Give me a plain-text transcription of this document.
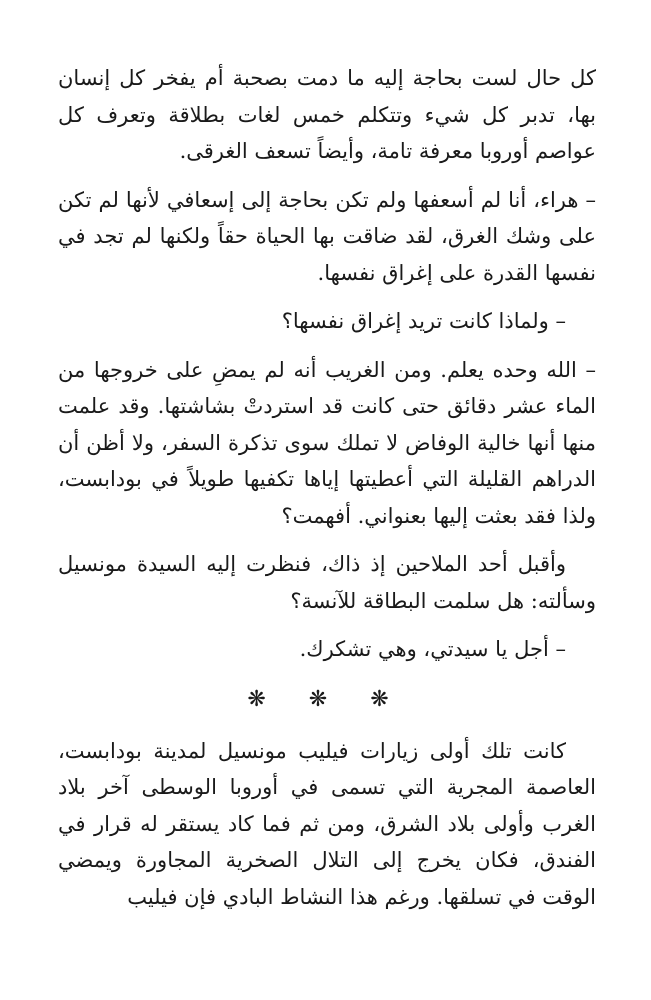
كل حال لست بحاجة إليه ما دمت بصحبة أم يفخر كل إنسان بها، تدبر كل شيء وتتكلم خمس لغات بطلاقة وتعرف كل عواصم أوروبا معرفة تامة، وأيضاً تسعف الغرقى.

– هراء، أنا لم أسعفها ولم تكن بحاجة إلى إسعافي لأنها لم تكن على وشك الغرق، لقد ضاقت بها الحياة حقاً ولكنها لم تجد في نفسها القدرة على إغراق نفسها.

– ولماذا كانت تريد إغراق نفسها؟

– الله وحده يعلم. ومن الغريب أنه لم يمضِ على خروجها من الماء عشر دقائق حتى كانت قد استردتْ بشاشتها. وقد علمت منها أنها خالية الوفاض لا تملك سوى تذكرة السفر، ولا أظن أن الدراهم القليلة التي أعطيتها إياها تكفيها طويلاً في بودابست، ولذا فقد بعثت إليها بعنواني. أفهمت؟

وأقبل أحد الملاحين إذ ذاك، فنظرت إليه السيدة مونسيل وسألته: هل سلمت البطاقة للآنسة؟

– أجل يا سيدتي، وهي تشكرك.

❋ ❋ ❋

كانت تلك أولى زيارات فيليب مونسيل لمدينة بودابست، العاصمة المجرية التي تسمى في أوروبا الوسطى آخر بلاد الغرب وأولى بلاد الشرق، ومن ثم فما كاد يستقر له قرار في الفندق، فكان يخرج إلى التلال الصخرية المجاورة ويمضي الوقت في تسلقها. ورغم هذا النشاط البادي فإن فيليب
